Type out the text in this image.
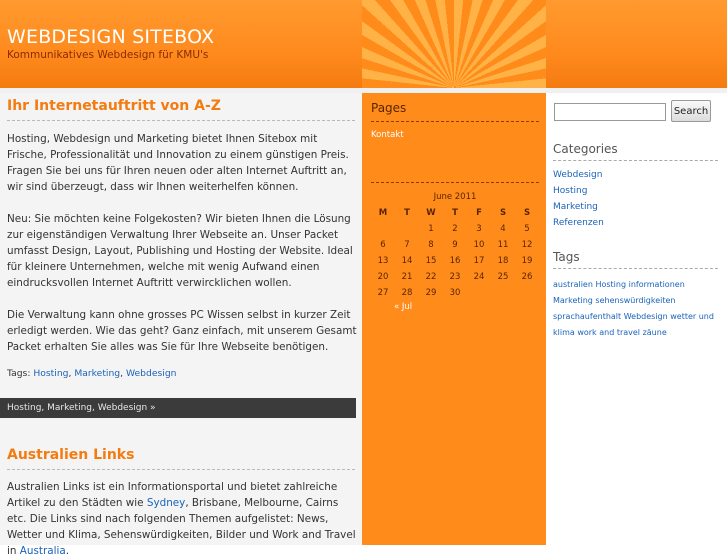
WEBDESIGN SITEBOX
Kommunikatives Webdesign für KMU's
Ihr Internetauftritt von A-Z

Hosting, Webdesign und Marketing bietet Ihnen Sitebox mit Frische, Professionalität und Innovation zu einem günstigen Preis. Fragen Sie bei uns für Ihren neuen oder alten Internet Auftritt an, wir sind überzeugt, dass wir Ihnen weiterhelfen können.

Neu: Sie möchten keine Folgekosten? Wir bieten Ihnen die Lösung zur eigenständigen Verwaltung Ihrer Webseite an. Unser Packet umfasst Design, Layout, Publishing und Hosting der Website. Ideal für kleinere Unternehmen, welche mit wenig Aufwand einen eindrucksvollen Internet Auftritt verwircklichen wollen.

Die Verwaltung kann ohne grosses PC Wissen selbst in kurzer Zeit erledigt werden. Wie das geht? Ganz einfach, mit unserem Gesamt Packet erhalten Sie alles was Sie für Ihre Webseite benötigen.

Tags: Hosting, Marketing, Webdesign
Hosting, Marketing, Webdesign »
Australien Links
Australien Links ist ein Informationsportal und bietet zahlreiche Artikel zu den Städten wie Sydney, Brisbane, Melbourne, Cairns etc. Die Links sind nach folgenden Themen aufgelistet: News, Wetter und Klima, Sehenswürdigkeiten, Bilder und Work and Travel in Australia.
Pages
Kontakt
June 2011
M	T	W	T	F	S	S
		1	2	3	4	5
6	7	8	9	10	11	12
13	14	15	16	17	18	19
20	21	22	23	24	25	26
27	28	29	30			
« Jul
Search
Categories
Webdesign
Hosting
Marketing
Referenzen
Tags
australien Hosting informationen Marketing sehenswürdigkeiten sprachaufenthalt Webdesign wetter und klima work and travel zäune
